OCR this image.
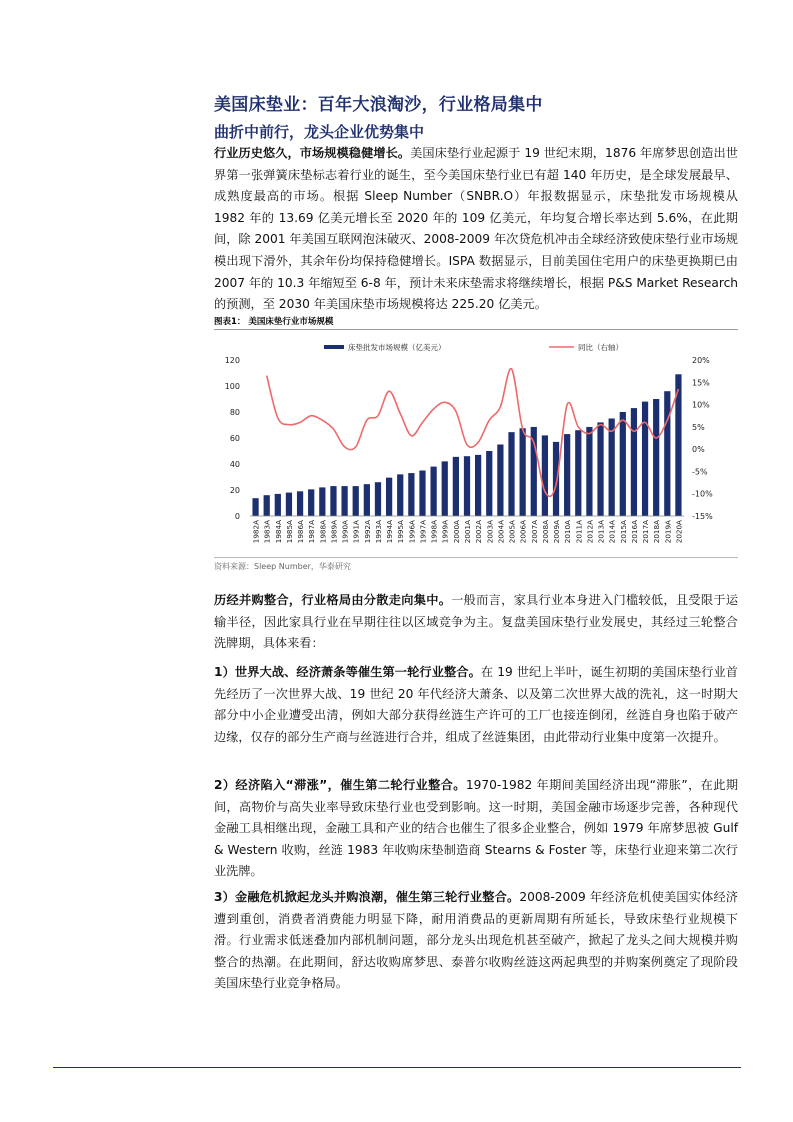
美国床垫业：百年大浪淘沙，行业格局集中
曲折中前行，龙头企业优势集中
行业历史悠久，市场规模稳健增长。美国床垫行业起源于 19 世纪末期，1876 年席梦思创造出世界第一张弹簧床垫标志着行业的诞生，至今美国床垫行业已有超 140 年历史，是全球发展最早、成熟度最高的市场。根据 Sleep Number（SNBR.O）年报数据显示，床垫批发市场规模从 1982 年的 13.69 亿美元增长至 2020 年的 109 亿美元，年均复合增长率达到 5.6%，在此期间，除 2001 年美国互联网泡沫破灭、2008-2009 年次贷危机冲击全球经济致使床垫行业市场规模出现下滑外，其余年份均保持稳健增长。ISPA 数据显示，目前美国住宅用户的床垫更换期已由 2007 年的 10.3 年缩短至 6-8 年，预计未来床垫需求将继续增长，根据 P&S Market Research 的预测，至 2030 年美国床垫市场规模将达 225.20 亿美元。
图表1： 美国床垫行业市场规模
床垫批发市场规模（亿美元）	同比（右轴）
0
20
40
60
80
100
120
-15%
-10%
-5%
0%
5%
10%
15%
20%
1982A 1983A 1984A 1985A 1986A 1987A 1988A 1989A 1990A 1991A 1992A 1993A 1994A 1995A 1996A 1997A 1998A 1999A 2000A 2001A 2002A 2003A 2004A 2005A 2006A 2007A 2008A 2009A 2010A 2011A 2012A 2013A 2014A 2015A 2016A 2017A 2018A 2019A 2020A
资料来源：Sleep Number，华泰研究
历经并购整合，行业格局由分散走向集中。一般而言，家具行业本身进入门槛较低，且受限于运输半径，因此家具行业在早期往往以区域竞争为主。复盘美国床垫行业发展史，其经过三轮整合洗牌期，具体来看：
1）世界大战、经济萧条等催生第一轮行业整合。在 19 世纪上半叶，诞生初期的美国床垫行业首先经历了一次世界大战、19 世纪 20 年代经济大萧条、以及第二次世界大战的洗礼，这一时期大部分中小企业遭受出清，例如大部分获得丝涟生产许可的工厂也接连倒闭，丝涟自身也陷于破产边缘，仅存的部分生产商与丝涟进行合并，组成了丝涟集团，由此带动行业集中度第一次提升。
2）经济陷入“滞涨”，催生第二轮行业整合。1970-1982 年期间美国经济出现“滞胀”，在此期间，高物价与高失业率导致床垫行业也受到影响。这一时期，美国金融市场逐步完善，各种现代金融工具相继出现，金融工具和产业的结合也催生了很多企业整合，例如 1979 年席梦思被 Gulf & Western 收购，丝涟 1983 年收购床垫制造商 Stearns & Foster 等，床垫行业迎来第二次行业洗牌。
3）金融危机掀起龙头并购浪潮，催生第三轮行业整合。2008-2009 年经济危机使美国实体经济遭到重创，消费者消费能力明显下降，耐用消费品的更新周期有所延长，导致床垫行业规模下滑。行业需求低迷叠加内部机制问题，部分龙头出现危机甚至破产，掀起了龙头之间大规模并购整合的热潮。在此期间，舒达收购席梦思、泰普尔收购丝涟这两起典型的并购案例奠定了现阶段美国床垫行业竞争格局。
